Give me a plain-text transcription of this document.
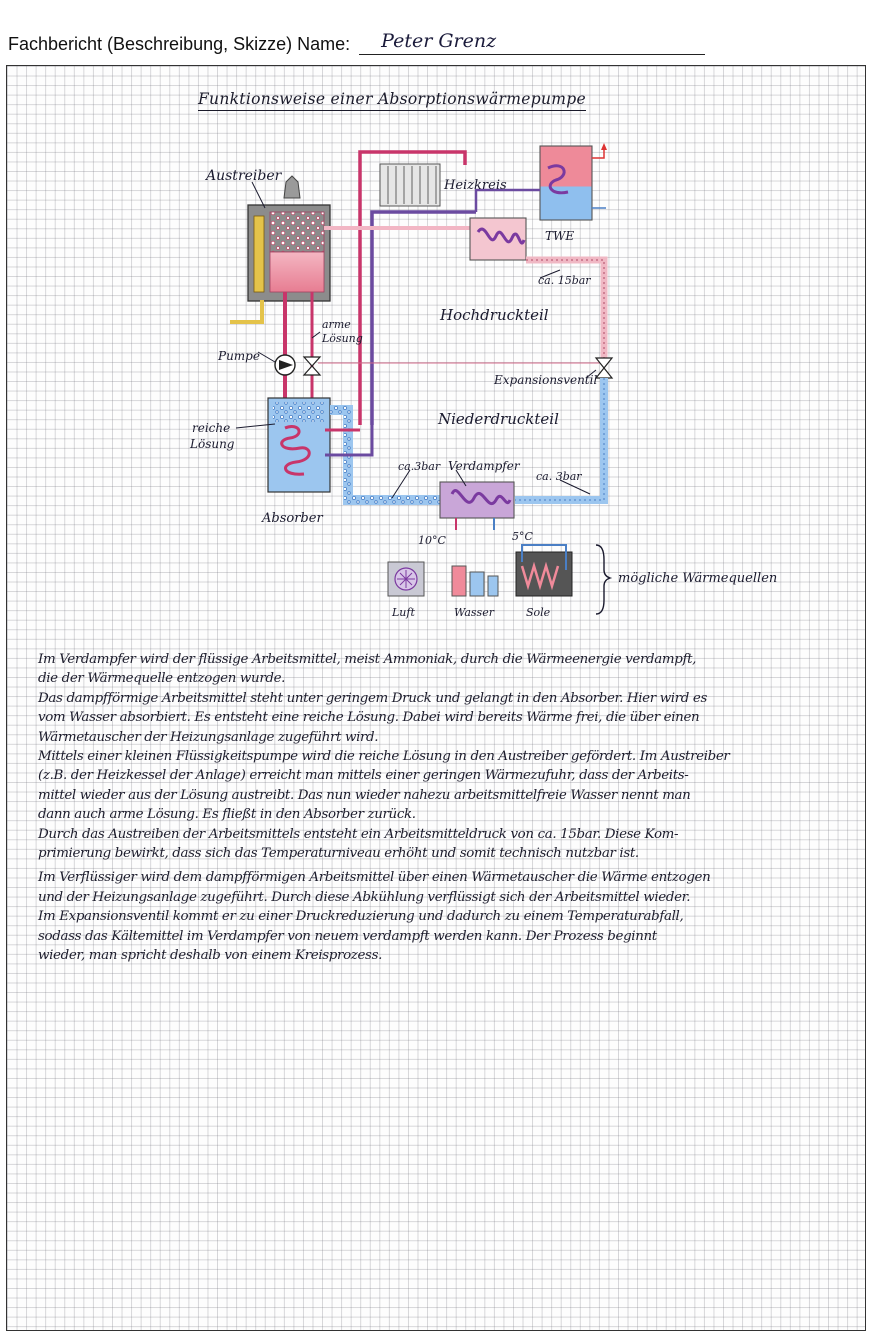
Fachbericht (Beschreibung, Skizze) Name: Peter Grenz
Funktionsweise einer Absorptionswärmepumpe
Austreiber
Heizkreis
TWE
ca. 15bar
Hochdruckteil
arme
Lösung
Pumpe
Expansionsventil
Niederdruckteil
reiche
Lösung
ca.3bar Verdampfer
ca. 3bar
Absorber
10°C	5°C
Luft	Wasser	Sole
mögliche Wärmequellen
Im Verdampfer wird der flüssige Arbeitsmittel, meist Ammoniak, durch die Wärmeenergie verdampft,
die der Wärmequelle entzogen wurde.
Das dampfförmige Arbeitsmittel steht unter geringem Druck und gelangt in den Absorber. Hier wird es
vom Wasser absorbiert. Es entsteht eine reiche Lösung. Dabei wird bereits Wärme frei, die über einen
Wärmetauscher der Heizungsanlage zugeführt wird.
Mittels einer kleinen Flüssigkeitspumpe wird die reiche Lösung in den Austreiber gefördert. Im Austreiber
(z.B. der Heizkessel der Anlage) erreicht man mittels einer geringen Wärmezufuhr, dass der Arbeits-
mittel wieder aus der Lösung austreibt. Das nun wieder nahezu arbeitsmittelfreie Wasser nennt man
dann auch arme Lösung. Es fließt in den Absorber zurück.
Durch das Austreiben der Arbeitsmittels entsteht ein Arbeitsmitteldruck von ca. 15bar. Diese Kom-
primierung bewirkt, dass sich das Temperaturniveau erhöht und somit technisch nutzbar ist.
Im Verflüssiger wird dem dampfförmigen Arbeitsmittel über einen Wärmetauscher die Wärme entzogen
und der Heizungsanlage zugeführt. Durch diese Abkühlung verflüssigt sich der Arbeitsmittel wieder.
Im Expansionsventil kommt er zu einer Druckreduzierung und dadurch zu einem Temperaturabfall,
sodass das Kältemittel im Verdampfer von neuem verdampft werden kann. Der Prozess beginnt
wieder, man spricht deshalb von einem Kreisprozess.
